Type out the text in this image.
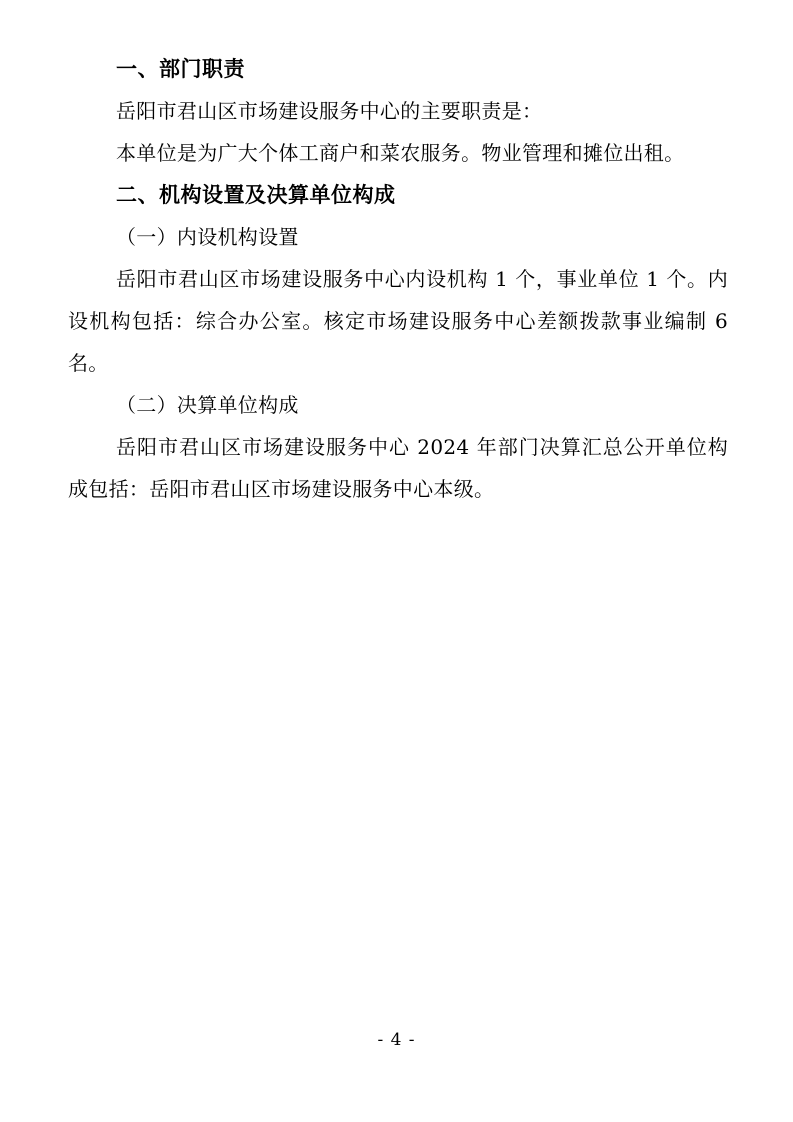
一、部门职责

岳阳市君山区市场建设服务中心的主要职责是：

本单位是为广大个体工商户和菜农服务。物业管理和摊位出租。

二、机构设置及决算单位构成

（一）内设机构设置

岳阳市君山区市场建设服务中心内设机构 1 个，事业单位 1 个。内设机构包括：综合办公室。核定市场建设服务中心差额拨款事业编制 6 名。

（二）决算单位构成

岳阳市君山区市场建设服务中心 2024 年部门决算汇总公开单位构成包括：岳阳市君山区市场建设服务中心本级。

- 4 -
